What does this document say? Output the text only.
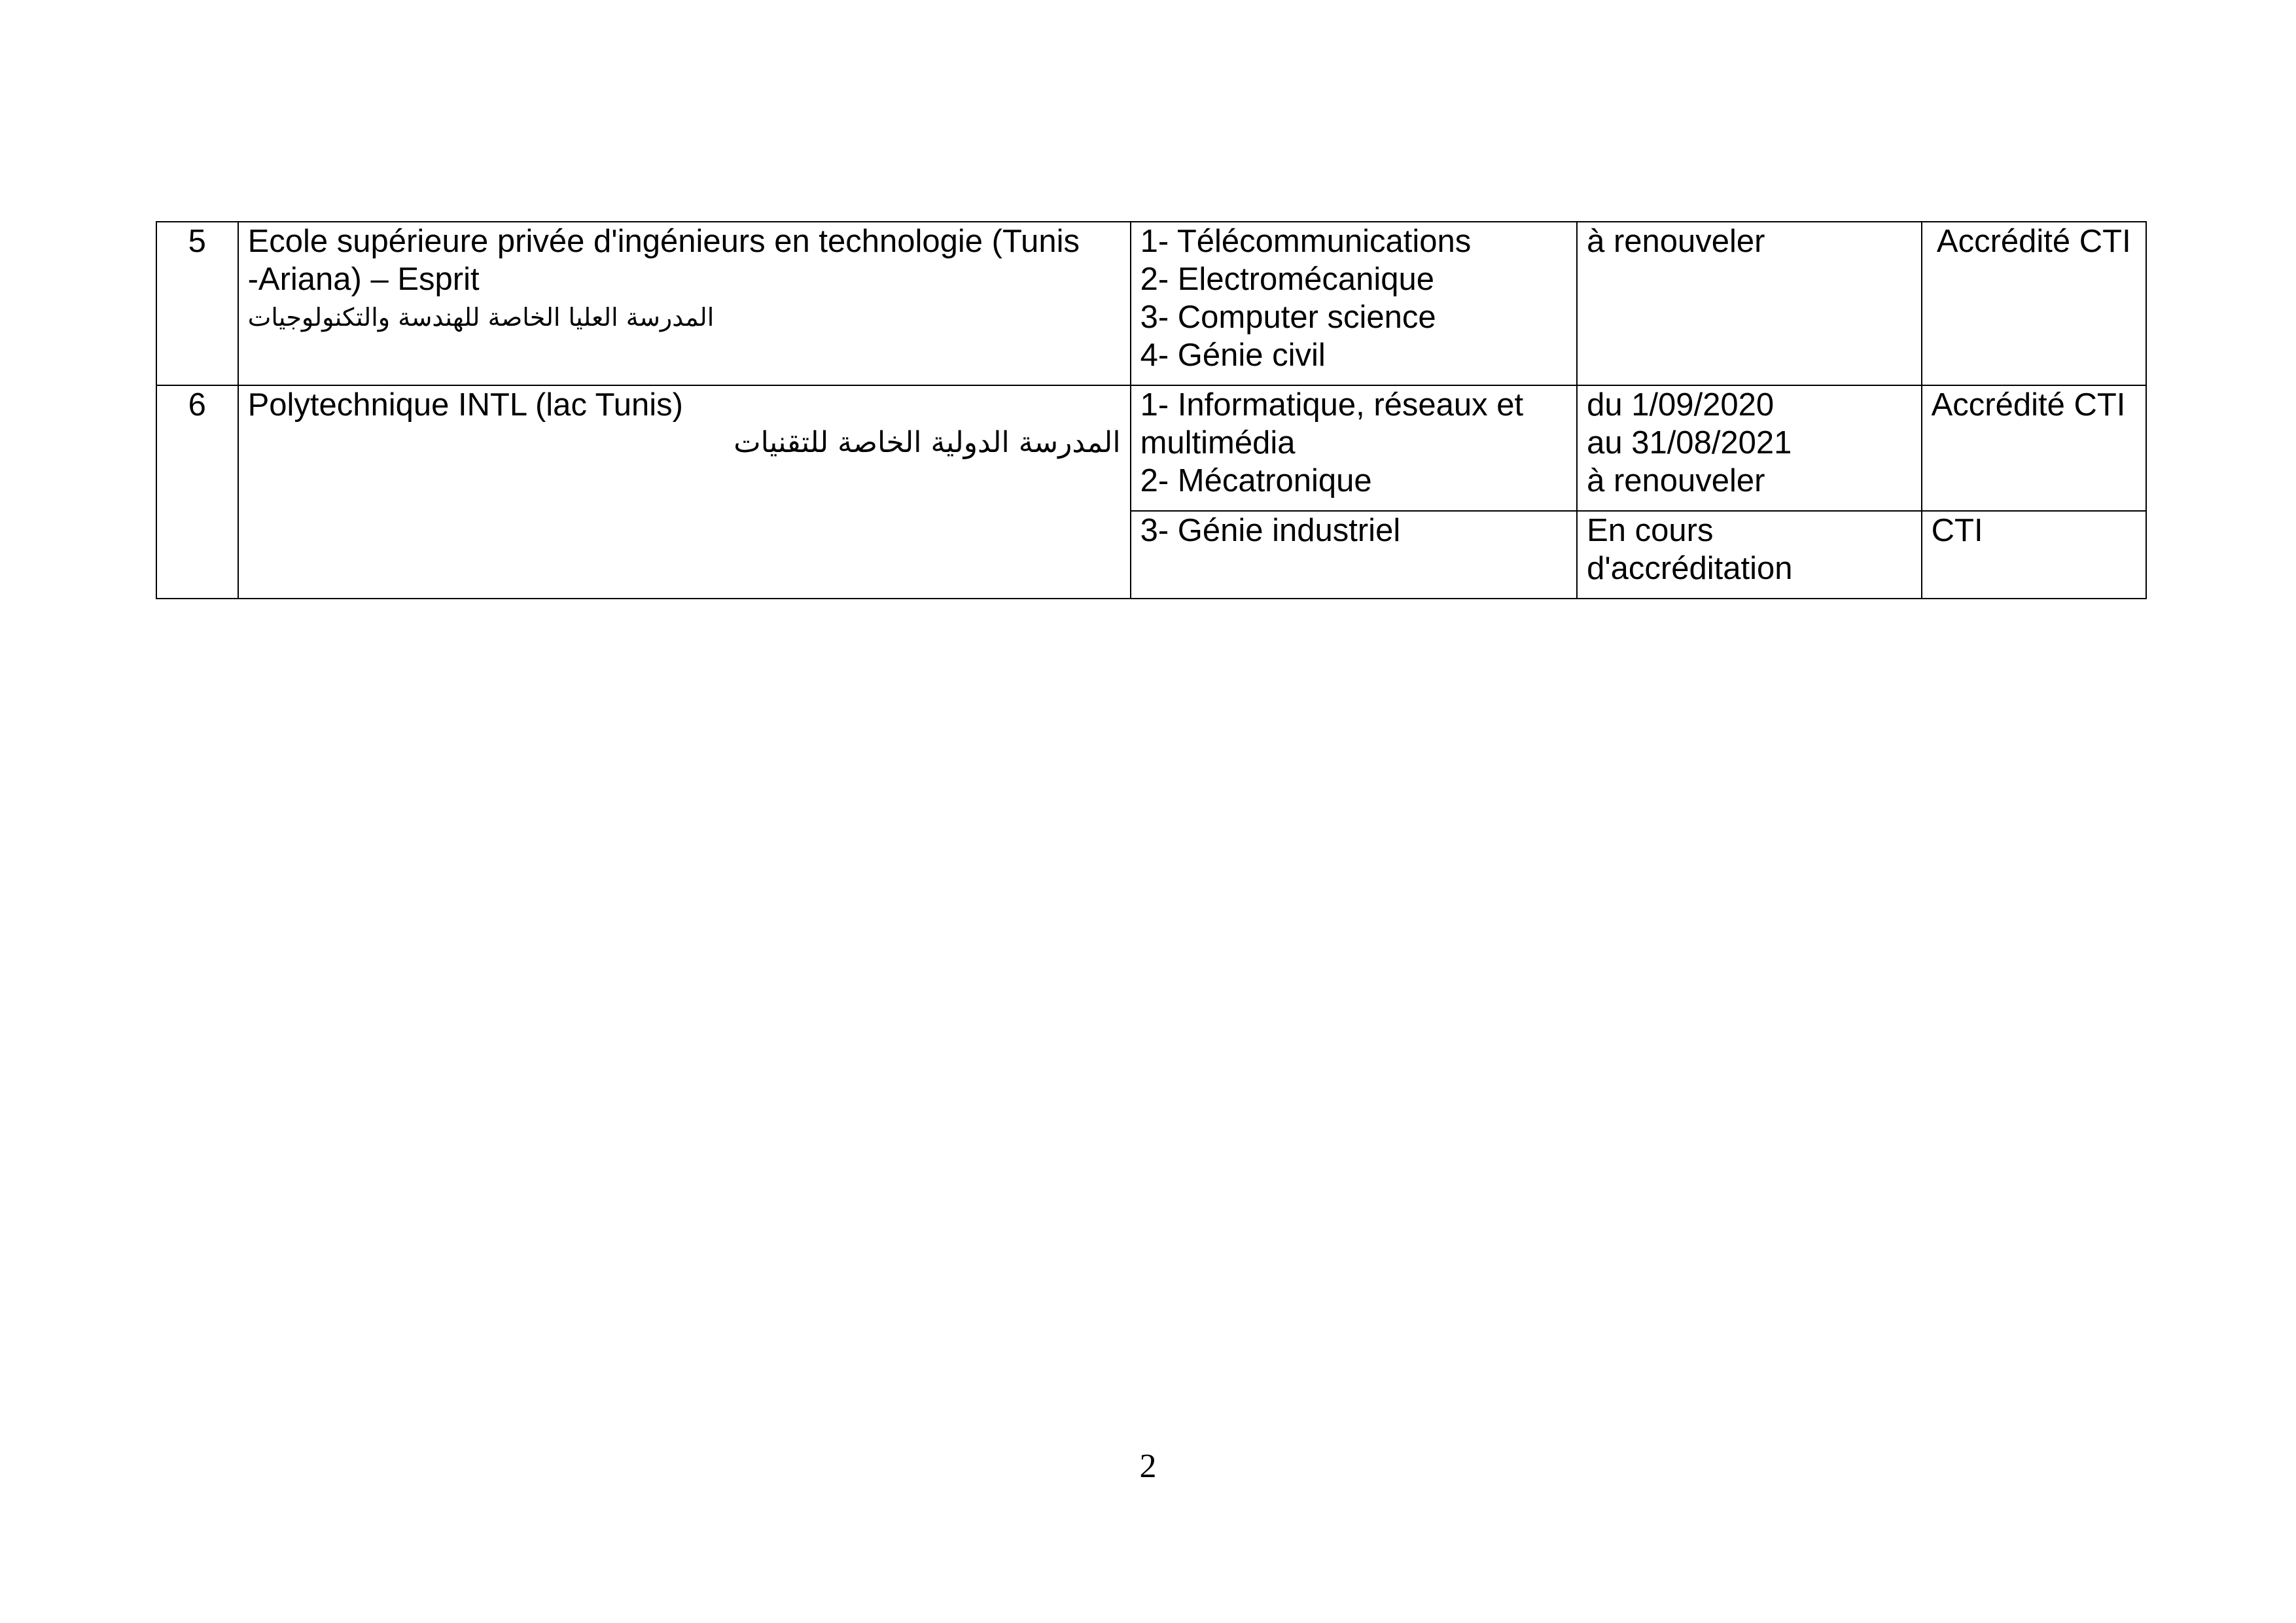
5	Ecole supérieure privée d'ingénieurs en technologie (Tunis
-Ariana) – Esprit
المدرسة العليا الخاصة للهندسة والتكنولوجيات	1- Télécommunications
2- Electromécanique
3- Computer science
4- Génie civil	à renouveler	Accrédité CTI

6	Polytechnique INTL (lac Tunis)
المدرسة الدولية الخاصة للتقنيات	1- Informatique, réseaux et
multimédia
2- Mécatronique	du 1/09/2020
au 31/08/2021
à renouveler	Accrédité CTI

		3- Génie industriel	En cours
d'accréditation	CTI
2
